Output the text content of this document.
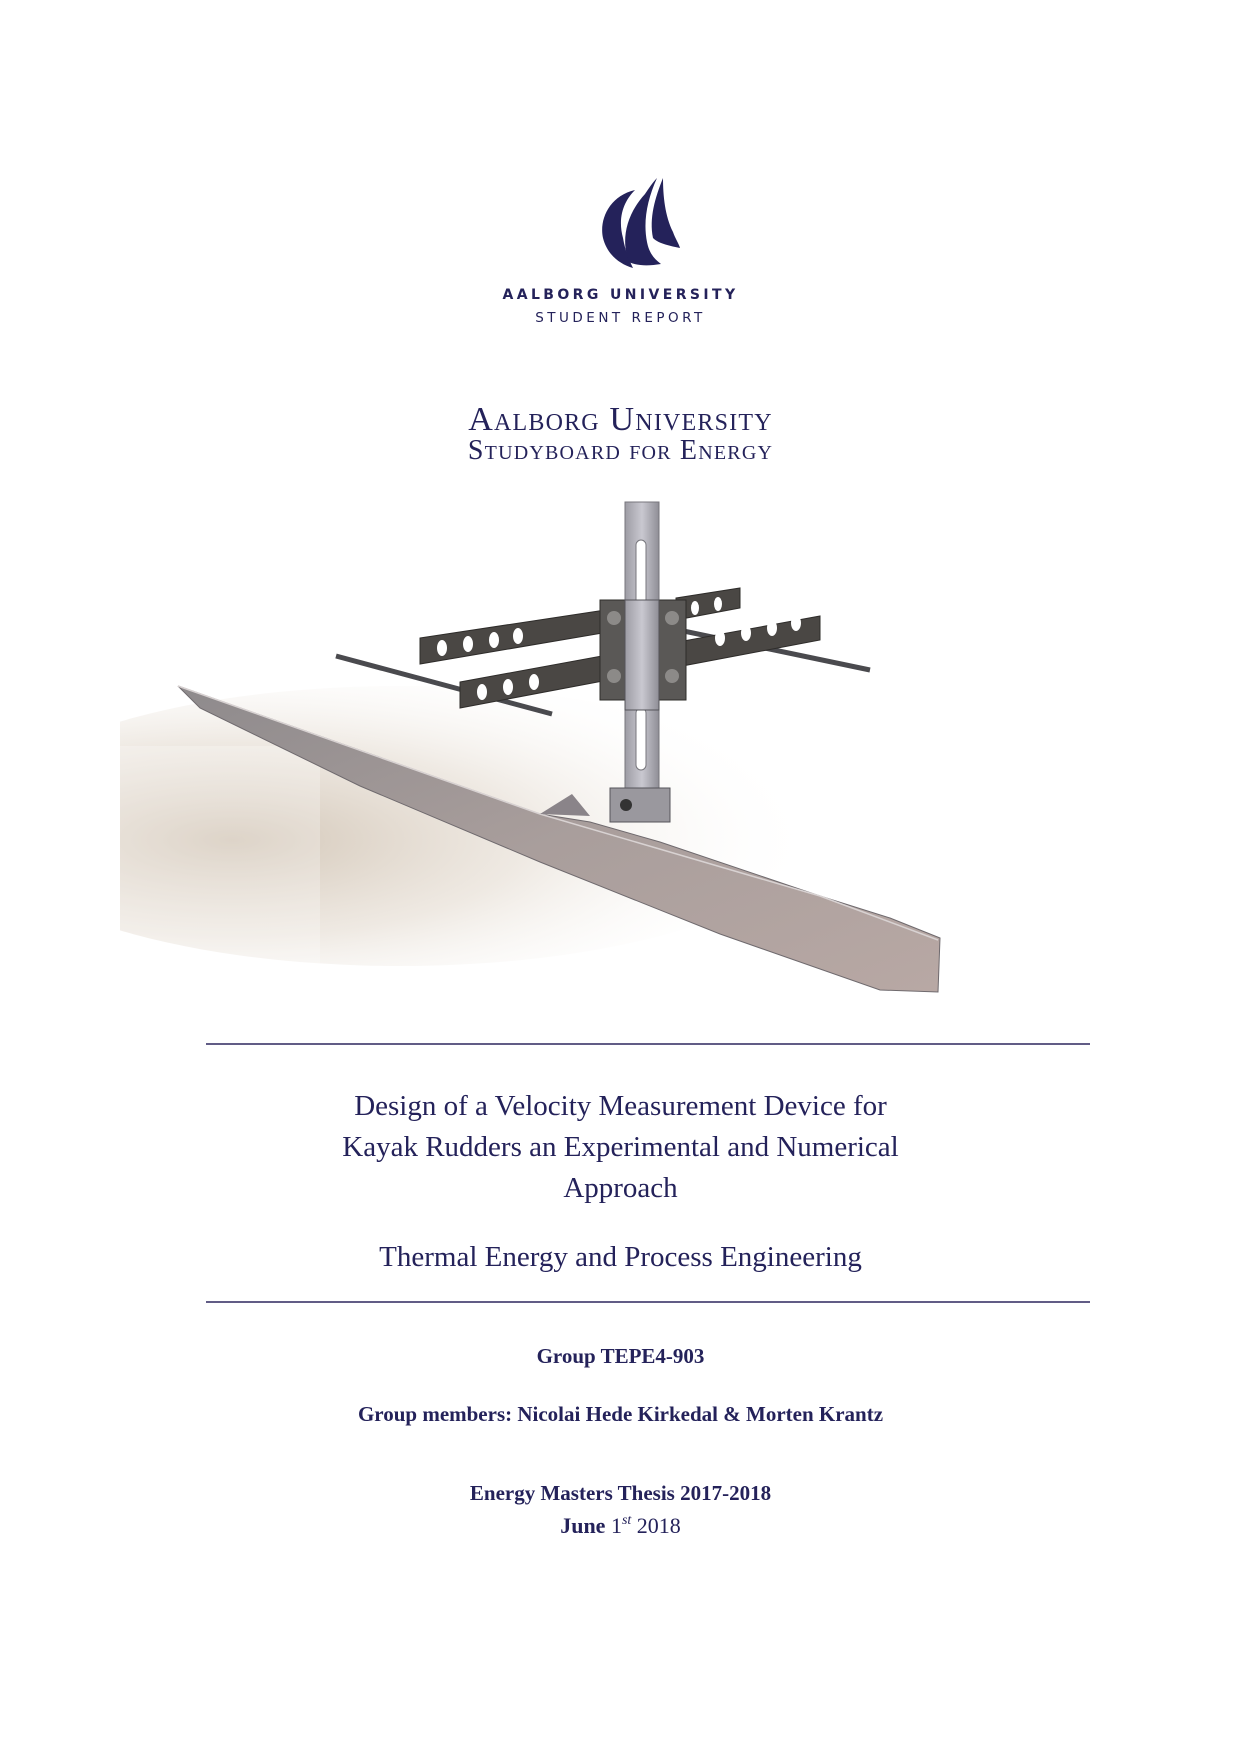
AALBORG UNIVERSITY
STUDENT REPORT
Aalborg University
Studyboard for Energy
Design of a Velocity Measurement Device for
Kayak Rudders an Experimental and Numerical
Approach
Thermal Energy and Process Engineering
Group TEPE4-903
Group members: Nicolai Hede Kirkedal & Morten Krantz
Energy Masters Thesis 2017-2018
June 1st 2018
